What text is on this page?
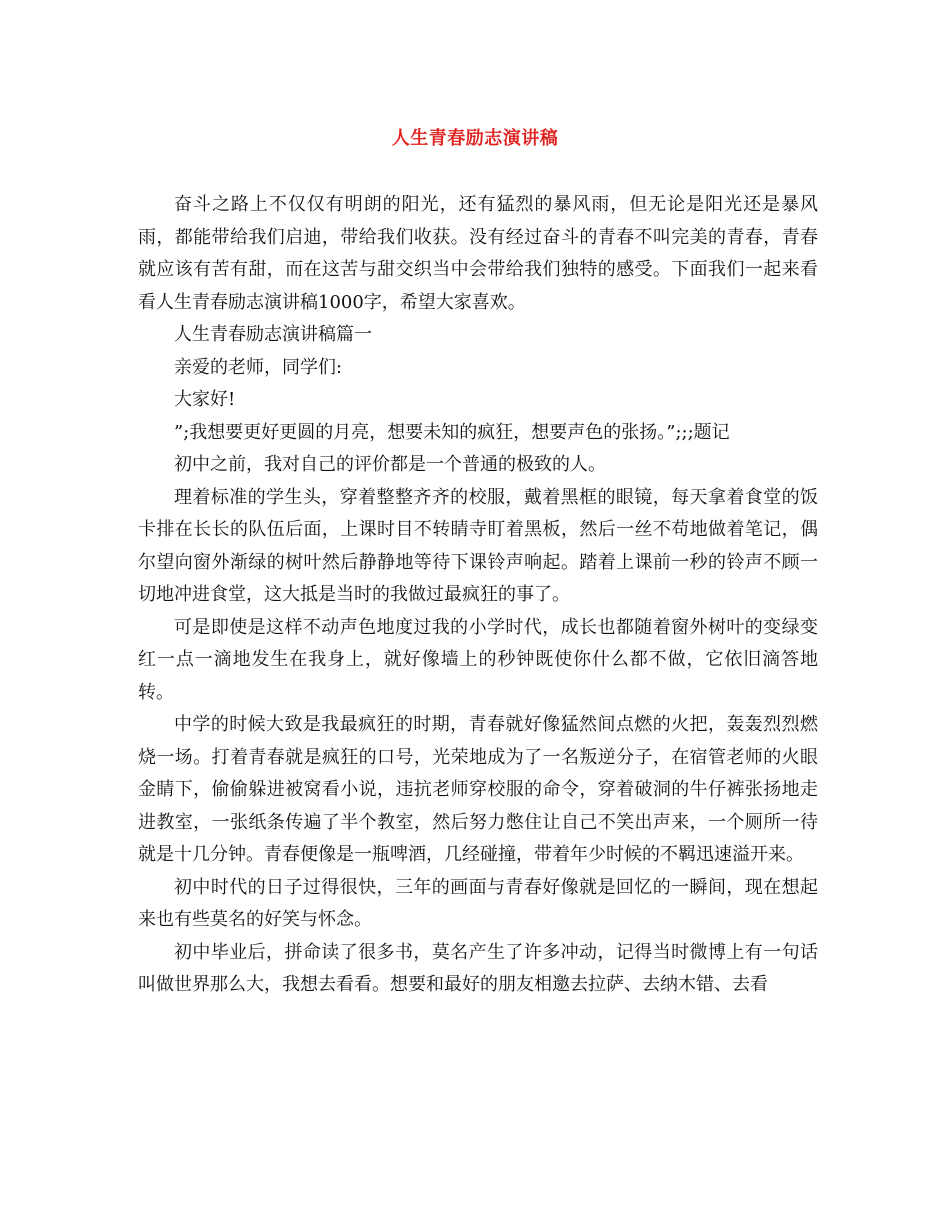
人生青春励志演讲稿

奋斗之路上不仅仅有明朗的阳光，还有猛烈的暴风雨，但无论是阳光还是暴风雨，都能带给我们启迪，带给我们收获。没有经过奋斗的青春不叫完美的青春，青春就应该有苦有甜，而在这苦与甜交织当中会带给我们独特的感受。下面我们一起来看看人生青春励志演讲稿1000字，希望大家喜欢。

人生青春励志演讲稿篇一

亲爱的老师，同学们:

大家好!

”;我想要更好更圆的月亮，想要未知的疯狂，想要声色的张扬。”;;;题记

初中之前，我对自己的评价都是一个普通的极致的人。

理着标准的学生头，穿着整整齐齐的校服，戴着黑框的眼镜，每天拿着食堂的饭卡排在长长的队伍后面，上课时目不转睛寺盯着黑板，然后一丝不苟地做着笔记，偶尔望向窗外渐绿的树叶然后静静地等待下课铃声响起。踏着上课前一秒的铃声不顾一切地冲进食堂，这大抵是当时的我做过最疯狂的事了。

可是即使是这样不动声色地度过我的小学时代，成长也都随着窗外树叶的变绿变红一点一滴地发生在我身上，就好像墙上的秒钟既使你什么都不做，它依旧滴答地转。

中学的时候大致是我最疯狂的时期，青春就好像猛然间点燃的火把，轰轰烈烈燃烧一场。打着青春就是疯狂的口号，光荣地成为了一名叛逆分子，在宿管老师的火眼金睛下，偷偷躲进被窝看小说，违抗老师穿校服的命令，穿着破洞的牛仔裤张扬地走进教室，一张纸条传遍了半个教室，然后努力憋住让自己不笑出声来，一个厕所一待就是十几分钟。青春便像是一瓶啤酒，几经碰撞，带着年少时候的不羁迅速溢开来。

初中时代的日子过得很快，三年的画面与青春好像就是回忆的一瞬间，现在想起来也有些莫名的好笑与怀念。

初中毕业后，拼命读了很多书，莫名产生了许多冲动，记得当时微博上有一句话叫做世界那么大，我想去看看。想要和最好的朋友相邀去拉萨、去纳木错、去看
